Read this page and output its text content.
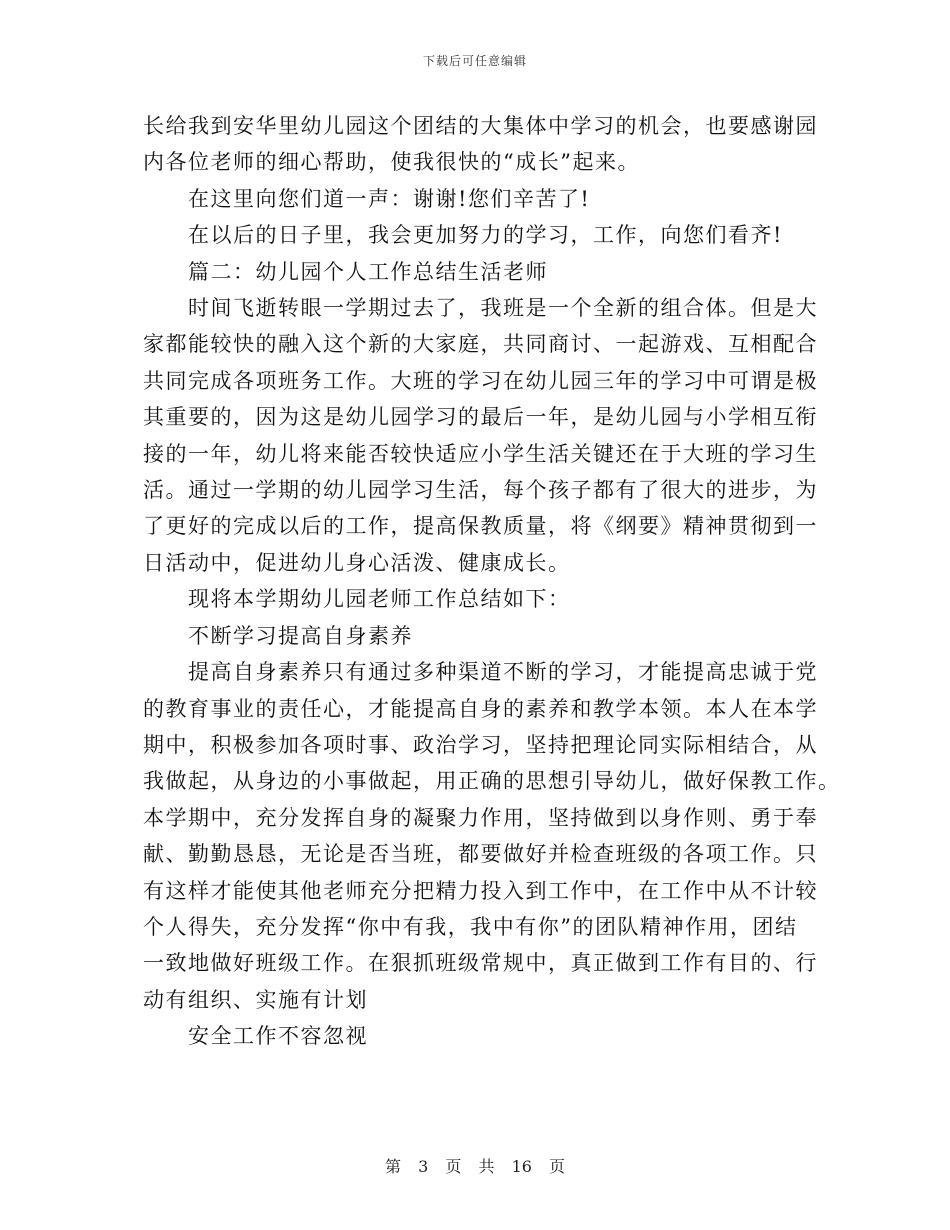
下载后可任意编辑

长给我到安华里幼儿园这个团结的大集体中学习的机会，也要感谢园

内各位老师的细心帮助，使我很快的“成长”起来。

在这里向您们道一声：谢谢!您们辛苦了!

在以后的日子里，我会更加努力的学习，工作，向您们看齐!

篇二：幼儿园个人工作总结生活老师

时间飞逝转眼一学期过去了，我班是一个全新的组合体。但是大

家都能较快的融入这个新的大家庭，共同商讨、一起游戏、互相配合

共同完成各项班务工作。大班的学习在幼儿园三年的学习中可谓是极

其重要的，因为这是幼儿园学习的最后一年，是幼儿园与小学相互衔

接的一年，幼儿将来能否较快适应小学生活关键还在于大班的学习生

活。通过一学期的幼儿园学习生活，每个孩子都有了很大的进步，为

了更好的完成以后的工作，提高保教质量，将《纲要》精神贯彻到一

日活动中，促进幼儿身心活泼、健康成长。

现将本学期幼儿园老师工作总结如下：

不断学习提高自身素养

提高自身素养只有通过多种渠道不断的学习，才能提高忠诚于党

的教育事业的责任心，才能提高自身的素养和教学本领。本人在本学

期中，积极参加各项时事、政治学习，坚持把理论同实际相结合，从

我做起，从身边的小事做起，用正确的思想引导幼儿，做好保教工作。

本学期中，充分发挥自身的凝聚力作用，坚持做到以身作则、勇于奉

献、勤勤恳恳，无论是否当班，都要做好并检查班级的各项工作。只

有这样才能使其他老师充分把精力投入到工作中，在工作中从不计较

个人得失，充分发挥“你中有我，我中有你”的团队精神作用，团结

一致地做好班级工作。在狠抓班级常规中，真正做到工作有目的、行

动有组织、实施有计划

安全工作不容忽视

第 3 页 共 16 页
